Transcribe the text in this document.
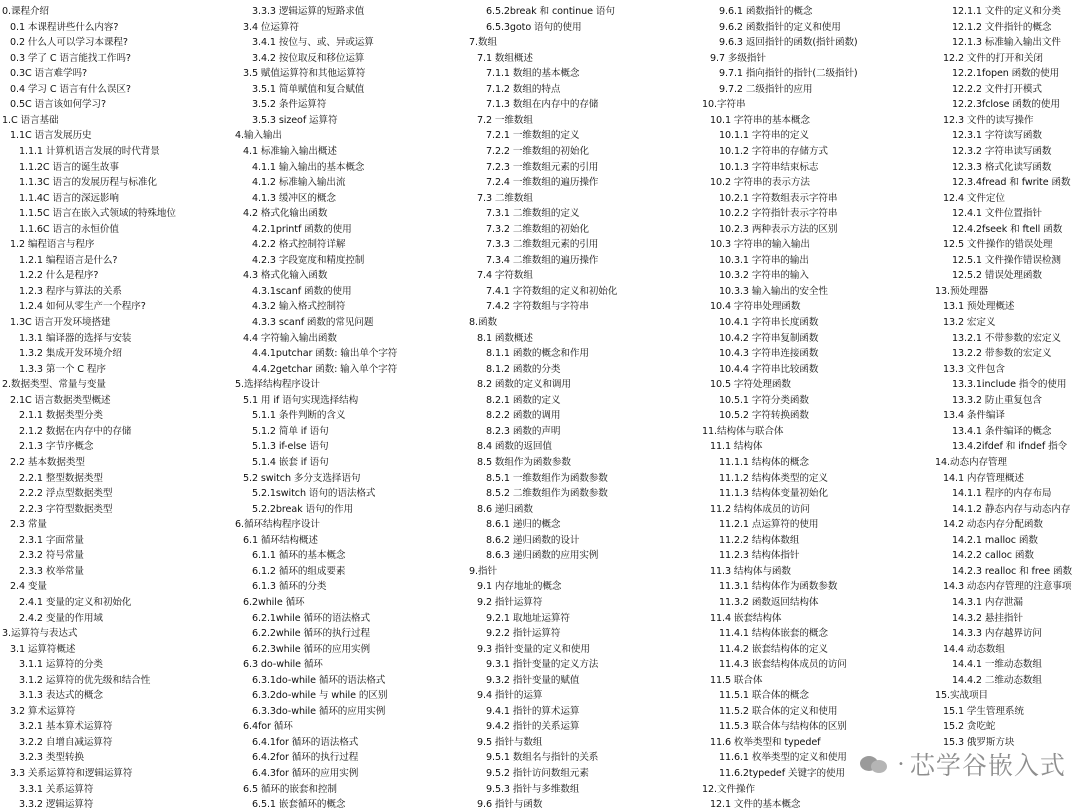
0.课程介绍
0.1 本课程讲些什么内容?
0.2 什么人可以学习本课程?
0.3 学了 C 语言能找工作吗?
0.3C 语言难学吗?
0.4 学习 C 语言有什么误区?
0.5C 语言该如何学习?
1.C 语言基础
1.1C 语言发展历史
1.1.1 计算机语言发展的时代背景
1.1.2C 语言的诞生故事
1.1.3C 语言的发展历程与标准化
1.1.4C 语言的深远影响
1.1.5C 语言在嵌入式领域的特殊地位
1.1.6C 语言的永恒价值
1.2 编程语言与程序
1.2.1 编程语言是什么?
1.2.2 什么是程序?
1.2.3 程序与算法的关系
1.2.4 如何从零生产一个程序?
1.3C 语言开发环境搭建
1.3.1 编译器的选择与安装
1.3.2 集成开发环境介绍
1.3.3 第一个 C 程序
2.数据类型、常量与变量
2.1C 语言数据类型概述
2.1.1 数据类型分类
2.1.2 数据在内存中的存储
2.1.3 字节序概念
2.2 基本数据类型
2.2.1 整型数据类型
2.2.2 浮点型数据类型
2.2.3 字符型数据类型
2.3 常量
2.3.1 字面常量
2.3.2 符号常量
2.3.3 枚举常量
2.4 变量
2.4.1 变量的定义和初始化
2.4.2 变量的作用域
3.运算符与表达式
3.1 运算符概述
3.1.1 运算符的分类
3.1.2 运算符的优先级和结合性
3.1.3 表达式的概念
3.2 算术运算符
3.2.1 基本算术运算符
3.2.2 自增自减运算符
3.2.3 类型转换
3.3 关系运算符和逻辑运算符
3.3.1 关系运算符
3.3.2 逻辑运算符
3.3.3 逻辑运算的短路求值
3.4 位运算符
3.4.1 按位与、或、异或运算
3.4.2 按位取反和移位运算
3.5 赋值运算符和其他运算符
3.5.1 简单赋值和复合赋值
3.5.2 条件运算符
3.5.3 sizeof 运算符
4.输入输出
4.1 标准输入输出概述
4.1.1 输入输出的基本概念
4.1.2 标准输入输出流
4.1.3 缓冲区的概念
4.2 格式化输出函数
4.2.1printf 函数的使用
4.2.2 格式控制符详解
4.2.3 字段宽度和精度控制
4.3 格式化输入函数
4.3.1scanf 函数的使用
4.3.2 输入格式控制符
4.3.3 scanf 函数的常见问题
4.4 字符输入输出函数
4.4.1putchar 函数: 输出单个字符
4.4.2getchar 函数: 输入单个字符
5.选择结构程序设计
5.1 用 if 语句实现选择结构
5.1.1 条件判断的含义
5.1.2 简单 if 语句
5.1.3 if-else 语句
5.1.4 嵌套 if 语句
5.2 switch 多分支选择语句
5.2.1switch 语句的语法格式
5.2.2break 语句的作用
6.循环结构程序设计
6.1 循环结构概述
6.1.1 循环的基本概念
6.1.2 循环的组成要素
6.1.3 循环的分类
6.2while 循环
6.2.1while 循环的语法格式
6.2.2while 循环的执行过程
6.2.3while 循环的应用实例
6.3 do-while 循环
6.3.1do-while 循环的语法格式
6.3.2do-while 与 while 的区别
6.3.3do-while 循环的应用实例
6.4for 循环
6.4.1for 循环的语法格式
6.4.2for 循环的执行过程
6.4.3for 循环的应用实例
6.5 循环的嵌套和控制
6.5.1 嵌套循环的概念
6.5.2break 和 continue 语句
6.5.3goto 语句的使用
7.数组
7.1 数组概述
7.1.1 数组的基本概念
7.1.2 数组的特点
7.1.3 数组在内存中的存储
7.2 一维数组
7.2.1 一维数组的定义
7.2.2 一维数组的初始化
7.2.3 一维数组元素的引用
7.2.4 一维数组的遍历操作
7.3 二维数组
7.3.1 二维数组的定义
7.3.2 二维数组的初始化
7.3.3 二维数组元素的引用
7.3.4 二维数组的遍历操作
7.4 字符数组
7.4.1 字符数组的定义和初始化
7.4.2 字符数组与字符串
8.函数
8.1 函数概述
8.1.1 函数的概念和作用
8.1.2 函数的分类
8.2 函数的定义和调用
8.2.1 函数的定义
8.2.2 函数的调用
8.2.3 函数的声明
8.4 函数的返回值
8.5 数组作为函数参数
8.5.1 一维数组作为函数参数
8.5.2 二维数组作为函数参数
8.6 递归函数
8.6.1 递归的概念
8.6.2 递归函数的设计
8.6.3 递归函数的应用实例
9.指针
9.1 内存地址的概念
9.2 指针运算符
9.2.1 取地址运算符
9.2.2 指针运算符
9.3 指针变量的定义和使用
9.3.1 指针变量的定义方法
9.3.2 指针变量的赋值
9.4 指针的运算
9.4.1 指针的算术运算
9.4.2 指针的关系运算
9.5 指针与数组
9.5.1 数组名与指针的关系
9.5.2 指针访问数组元素
9.5.3 指针与多维数组
9.6 指针与函数
9.6.1 函数指针的概念
9.6.2 函数指针的定义和使用
9.6.3 返回指针的函数(指针函数)
9.7 多级指针
9.7.1 指向指针的指针(二级指针)
9.7.2 二级指针的应用
10.字符串
10.1 字符串的基本概念
10.1.1 字符串的定义
10.1.2 字符串的存储方式
10.1.3 字符串结束标志
10.2 字符串的表示方法
10.2.1 字符数组表示字符串
10.2.2 字符指针表示字符串
10.2.3 两种表示方法的区别
10.3 字符串的输入输出
10.3.1 字符串的输出
10.3.2 字符串的输入
10.3.3 输入输出的安全性
10.4 字符串处理函数
10.4.1 字符串长度函数
10.4.2 字符串复制函数
10.4.3 字符串连接函数
10.4.4 字符串比较函数
10.5 字符处理函数
10.5.1 字符分类函数
10.5.2 字符转换函数
11.结构体与联合体
11.1 结构体
11.1.1 结构体的概念
11.1.2 结构体类型的定义
11.1.3 结构体变量初始化
11.2 结构体成员的访问
11.2.1 点运算符的使用
11.2.2 结构体数组
11.2.3 结构体指针
11.3 结构体与函数
11.3.1 结构体作为函数参数
11.3.2 函数返回结构体
11.4 嵌套结构体
11.4.1 结构体嵌套的概念
11.4.2 嵌套结构体的定义
11.4.3 嵌套结构体成员的访问
11.5 联合体
11.5.1 联合体的概念
11.5.2 联合体的定义和使用
11.5.3 联合体与结构体的区别
11.6 枚举类型和 typedef
11.6.1 枚举类型的定义和使用
11.6.2typedef 关键字的使用
12.文件操作
12.1 文件的基本概念
12.1.1 文件的定义和分类
12.1.2 文件指针的概念
12.1.3 标准输入输出文件
12.2 文件的打开和关闭
12.2.1fopen 函数的使用
12.2.2 文件打开模式
12.2.3fclose 函数的使用
12.3 文件的读写操作
12.3.1 字符读写函数
12.3.2 字符串读写函数
12.3.3 格式化读写函数
12.3.4fread 和 fwrite 函数
12.4 文件定位
12.4.1 文件位置指针
12.4.2fseek 和 ftell 函数
12.5 文件操作的错误处理
12.5.1 文件操作错误检测
12.5.2 错误处理函数
13.预处理器
13.1 预处理概述
13.2 宏定义
13.2.1 不带参数的宏定义
13.2.2 带参数的宏定义
13.3 文件包含
13.3.1include 指令的使用
13.3.2 防止重复包含
13.4 条件编译
13.4.1 条件编译的概念
13.4.2ifdef 和 ifndef 指令
14.动态内存管理
14.1 内存管理概述
14.1.1 程序的内存布局
14.1.2 静态内存与动态内存
14.2 动态内存分配函数
14.2.1 malloc 函数
14.2.2 calloc 函数
14.2.3 realloc 和 free 函数
14.3 动态内存管理的注意事项
14.3.1 内存泄漏
14.3.2 悬挂指针
14.3.3 内存越界访问
14.4 动态数组
14.4.1 一维动态数组
14.4.2 二维动态数组
15.实战项目
15.1 学生管理系统
15.2 贪吃蛇
15.3 俄罗斯方块
• 芯学谷嵌入式
